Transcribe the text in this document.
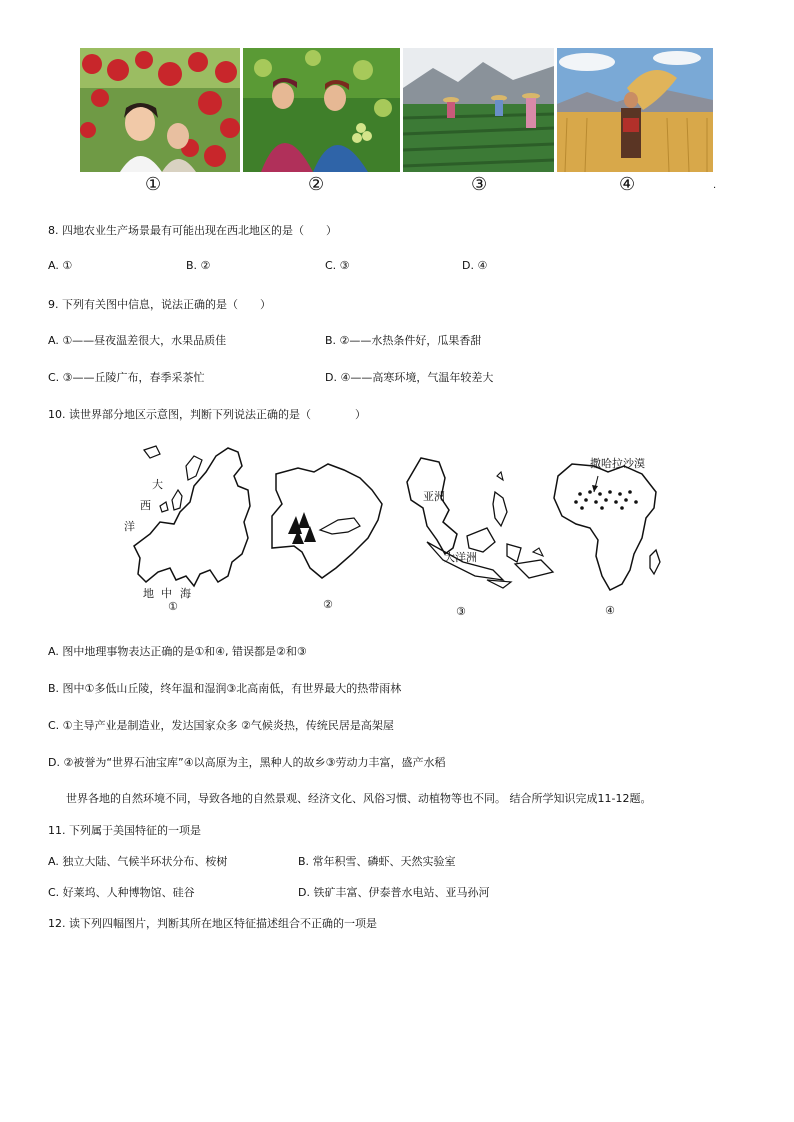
①	②	③	④	.
8. 四地农业生产场景最有可能出现在西北地区的是（　　）
A. ①	B. ②	C. ③	D. ④
9. 下列有关图中信息，说法正确的是（　　）
A. ①——昼夜温差很大，水果品质佳	B. ②——水热条件好，瓜果香甜
C. ③——丘陵广布，春季采茶忙	D. ④——高寒环境，气温年较差大
10. 读世界部分地区示意图，判断下列说法正确的是（　　　　）
大
西
洋
地 中 海
①	②
亚洲
大洋洲
③
撒哈拉沙漠
④
A. 图中地理事物表达正确的是①和④, 错误都是②和③
B. 图中①多低山丘陵，终年温和湿润③北高南低，有世界最大的热带雨林
C. ①主导产业是制造业，发达国家众多 ②气候炎热，传统民居是高架屋
D. ②被誉为“世界石油宝库”④以高原为主，黑种人的故乡③劳动力丰富，盛产水稻
世界各地的自然环境不同，导致各地的自然景观、经济文化、风俗习惯、动植物等也不同。 结合所学知识完成11-12题。
11. 下列属于美国特征的一项是
A. 独立大陆、气候半环状分布、桉树	B. 常年积雪、磷虾、天然实验室
C. 好莱坞、人种博物馆、硅谷	D. 铁矿丰富、伊泰普水电站、亚马孙河
12. 读下列四幅图片，判断其所在地区特征描述组合不正确的一项是
